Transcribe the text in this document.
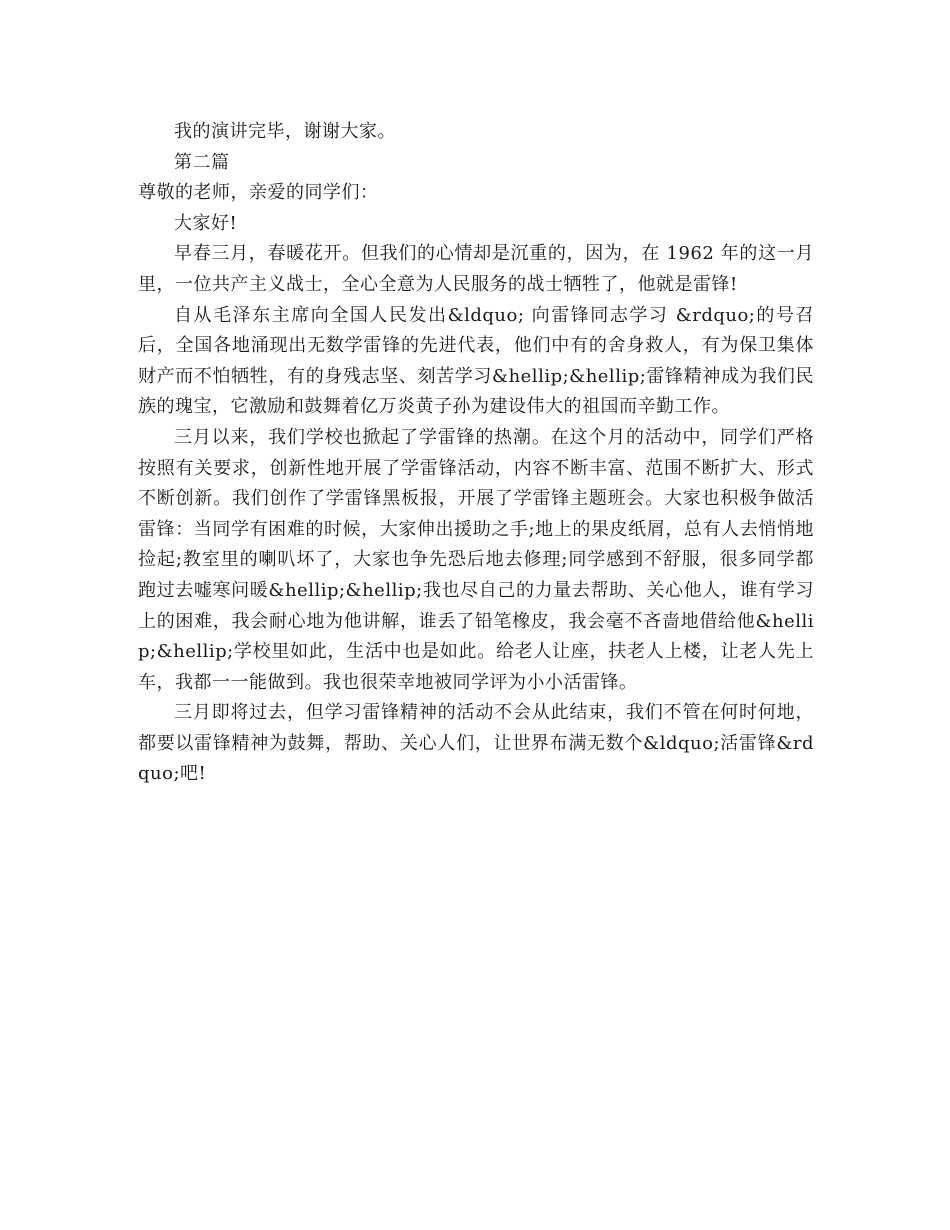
我的演讲完毕，谢谢大家。

第二篇

尊敬的老师，亲爱的同学们：

大家好!

早春三月，春暖花开。但我们的心情却是沉重的，因为，在 1962 年的这一月里，一位共产主义战士，全心全意为人民服务的战士牺牲了，他就是雷锋!

自从毛泽东主席向全国人民发出&ldquo; 向雷锋同志学习 &rdquo;的号召后，全国各地涌现出无数学雷锋的先进代表，他们中有的舍身救人，有为保卫集体财产而不怕牺牲，有的身残志坚、刻苦学习&hellip;&hellip;雷锋精神成为我们民族的瑰宝，它激励和鼓舞着亿万炎黄子孙为建设伟大的祖国而辛勤工作。

三月以来，我们学校也掀起了学雷锋的热潮。在这个月的活动中，同学们严格按照有关要求，创新性地开展了学雷锋活动，内容不断丰富、范围不断扩大、形式不断创新。我们创作了学雷锋黑板报，开展了学雷锋主题班会。大家也积极争做活雷锋：当同学有困难的时候，大家伸出援助之手;地上的果皮纸屑，总有人去悄悄地捡起;教室里的喇叭坏了，大家也争先恐后地去修理;同学感到不舒服，很多同学都跑过去嘘寒问暖&hellip;&hellip;我也尽自己的力量去帮助、关心他人，谁有学习上的困难，我会耐心地为他讲解，谁丢了铅笔橡皮，我会毫不吝啬地借给他&hellip;&hellip;学校里如此，生活中也是如此。给老人让座，扶老人上楼，让老人先上车，我都一一能做到。我也很荣幸地被同学评为小小活雷锋。

三月即将过去，但学习雷锋精神的活动不会从此结束，我们不管在何时何地，都要以雷锋精神为鼓舞，帮助、关心人们，让世界布满无数个&ldquo;活雷锋&rdquo;吧!
